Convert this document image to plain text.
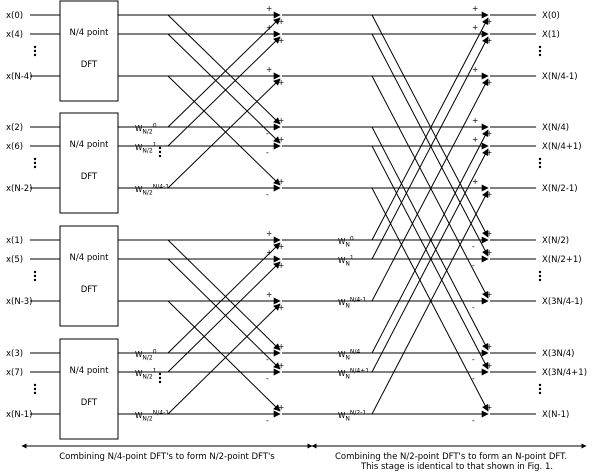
N/4 point
DFT
x(0)
x(4)
x(N-4)
N/4 point
DFT
x(2)
x(6)
x(N-2)
N/4 point
DFT
x(1)
x(5)
x(N-3)
N/4 point
DFT
x(3)
x(7)
x(N-1)
+
+
-
+
+
+
-
+
+
+
-
+
$W_{N/2}^0$
$W_{N/2}^1$
$W_{N/2}^{N/4-1}$
+
+
-
+
+
+
-
+
+
+
-
+
$W_{N/2}^0$
$W_{N/2}^1$
$W_{N/2}^{N/4-1}$
+
+
-
+
$W_N^0$
+
+
-
+
$W_N^1$
+
+
-
+
$W_N^{N/4-1}$
+
+
-
+
$W_N^{N/4}$
+
+
-
+
$W_N^{N/4+1}$
+
+
-
+
$W_N^{N/2-1}$
X(0)
X(1)
X(N/4-1)
X(N/4)
X(N/4+1)
X(N/2-1)
X(N/2)
X(N/2+1)
X(3N/4-1)
X(3N/4)
X(3N/4+1)
X(N-1)
Combining N/4-point DFT's to form N/2-point DFT's	Combining the N/2-point DFT's to form an N-point DFT.
This stage is identical to that shown in Fig. 1.
